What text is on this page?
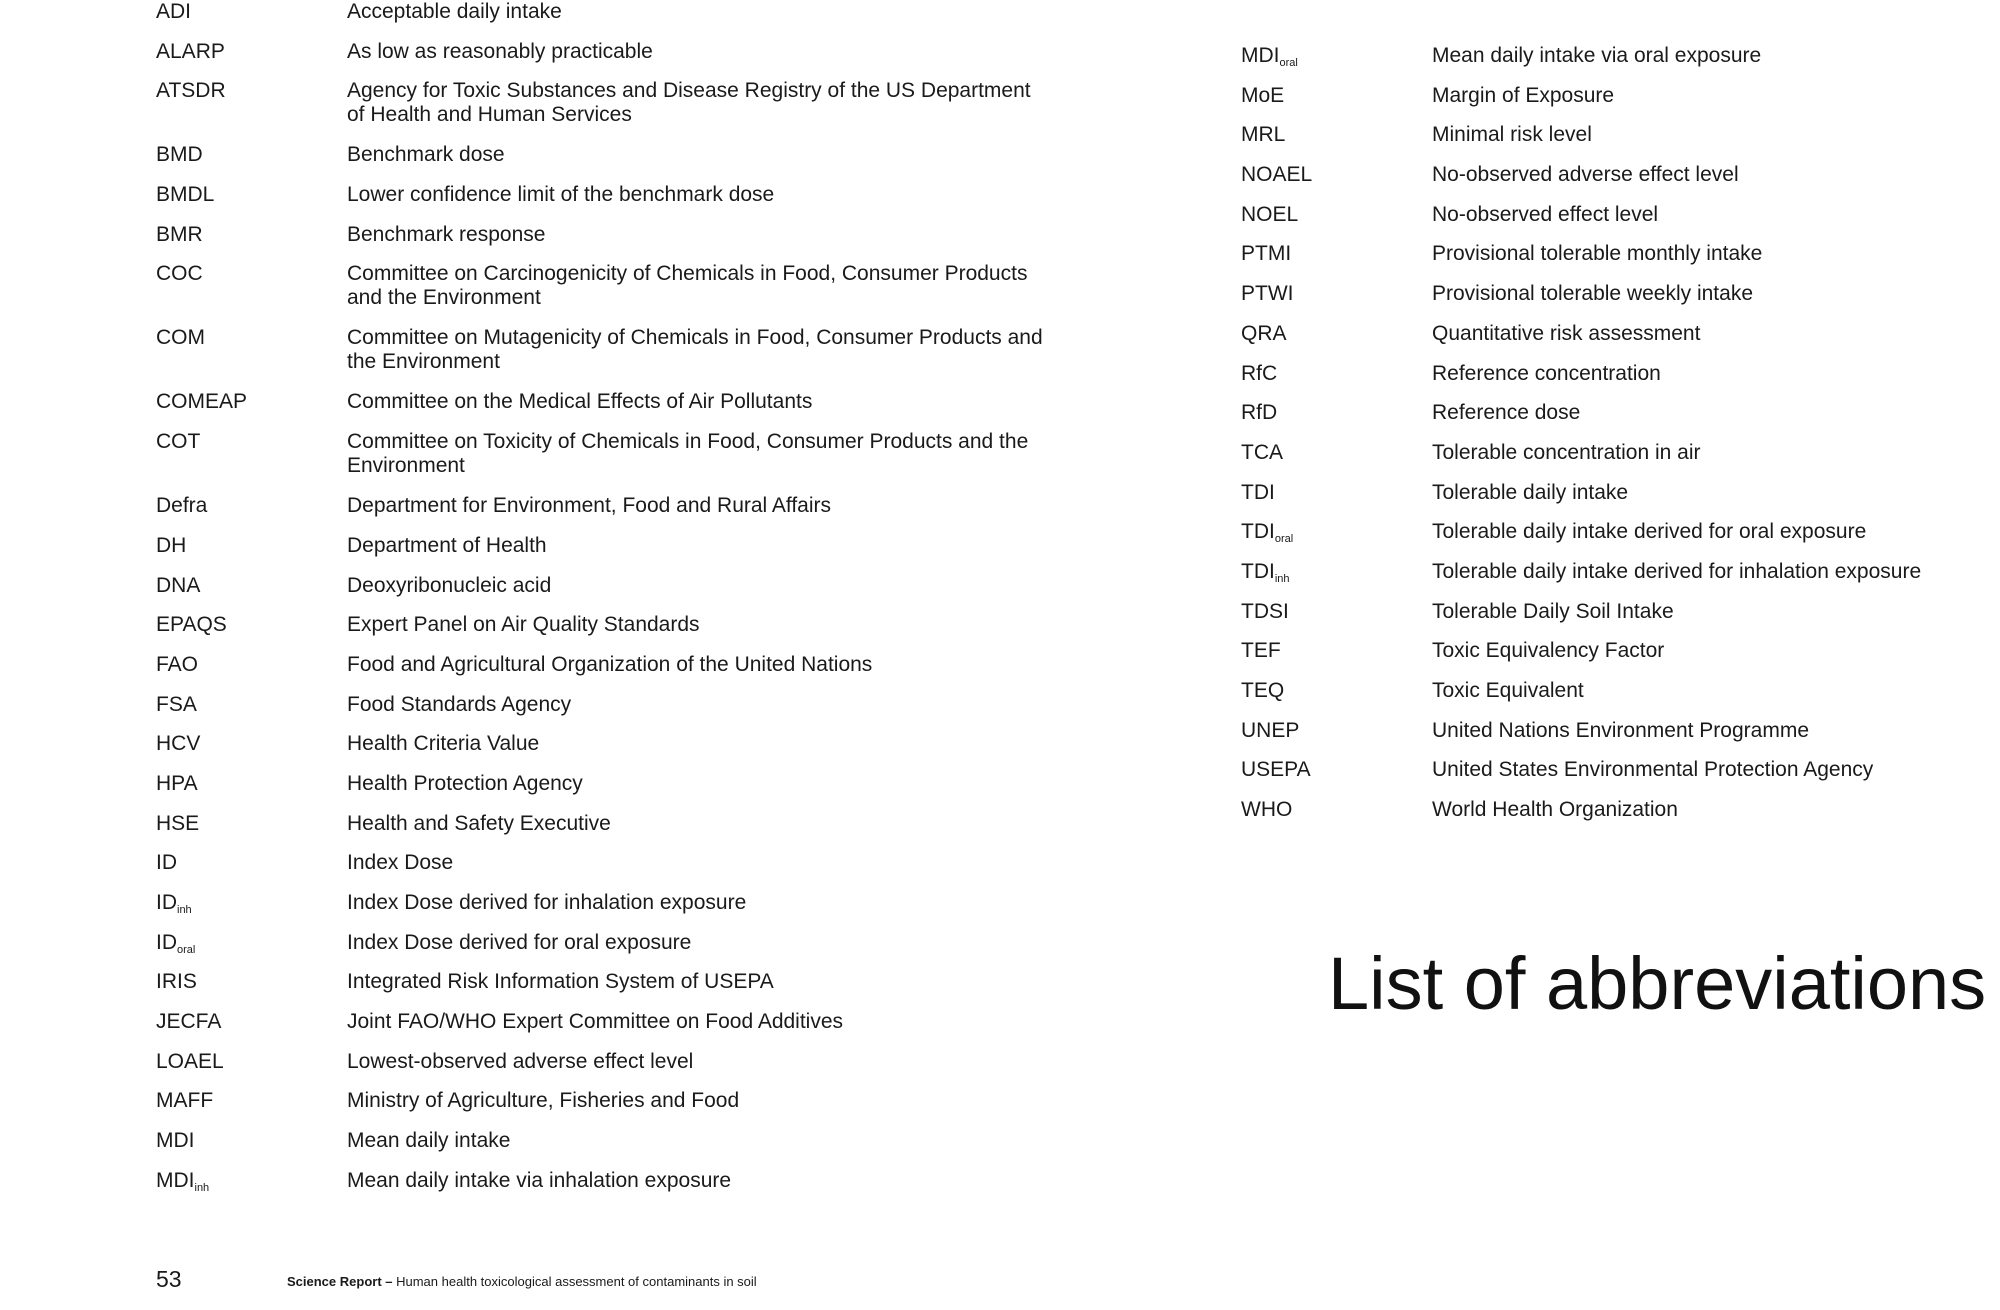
ADI	Acceptable daily intake
ALARP	As low as reasonably practicable
ATSDR	Agency for Toxic Substances and Disease Registry of the US Department of Health and Human Services
BMD	Benchmark dose
BMDL	Lower confidence limit of the benchmark dose
BMR	Benchmark response
COC	Committee on Carcinogenicity of Chemicals in Food, Consumer Products and the Environment
COM	Committee on Mutagenicity of Chemicals in Food, Consumer Products and the Environment
COMEAP	Committee on the Medical Effects of Air Pollutants
COT	Committee on Toxicity of Chemicals in Food, Consumer Products and the Environment
Defra	Department for Environment, Food and Rural Affairs
DH	Department of Health
DNA	Deoxyribonucleic acid
EPAQS	Expert Panel on Air Quality Standards
FAO	Food and Agricultural Organization of the United Nations
FSA	Food Standards Agency
HCV	Health Criteria Value
HPA	Health Protection Agency
HSE	Health and Safety Executive
ID	Index Dose
$ID_{inh}$	Index Dose derived for inhalation exposure
$ID_{oral}$	Index Dose derived for oral exposure
IRIS	Integrated Risk Information System of USEPA
JECFA	Joint FAO/WHO Expert Committee on Food Additives
LOAEL	Lowest-observed adverse effect level
MAFF	Ministry of Agriculture, Fisheries and Food
MDI	Mean daily intake
$MDI_{inh}$	Mean daily intake via inhalation exposure
$MDI_{oral}$	Mean daily intake via oral exposure
MoE	Margin of Exposure
MRL	Minimal risk level
NOAEL	No-observed adverse effect level
NOEL	No-observed effect level
PTMI	Provisional tolerable monthly intake
PTWI	Provisional tolerable weekly intake
QRA	Quantitative risk assessment
RfC	Reference concentration
RfD	Reference dose
TCA	Tolerable concentration in air
TDI	Tolerable daily intake
$TDI_{oral}$	Tolerable daily intake derived for oral exposure
$TDI_{inh}$	Tolerable daily intake derived for inhalation exposure
TDSI	Tolerable Daily Soil Intake
TEF	Toxic Equivalency Factor
TEQ	Toxic Equivalent
UNEP	United Nations Environment Programme
USEPA	United States Environmental Protection Agency
WHO	World Health Organization
List of abbreviations
53	Science Report – Human health toxicological assessment of contaminants in soil
